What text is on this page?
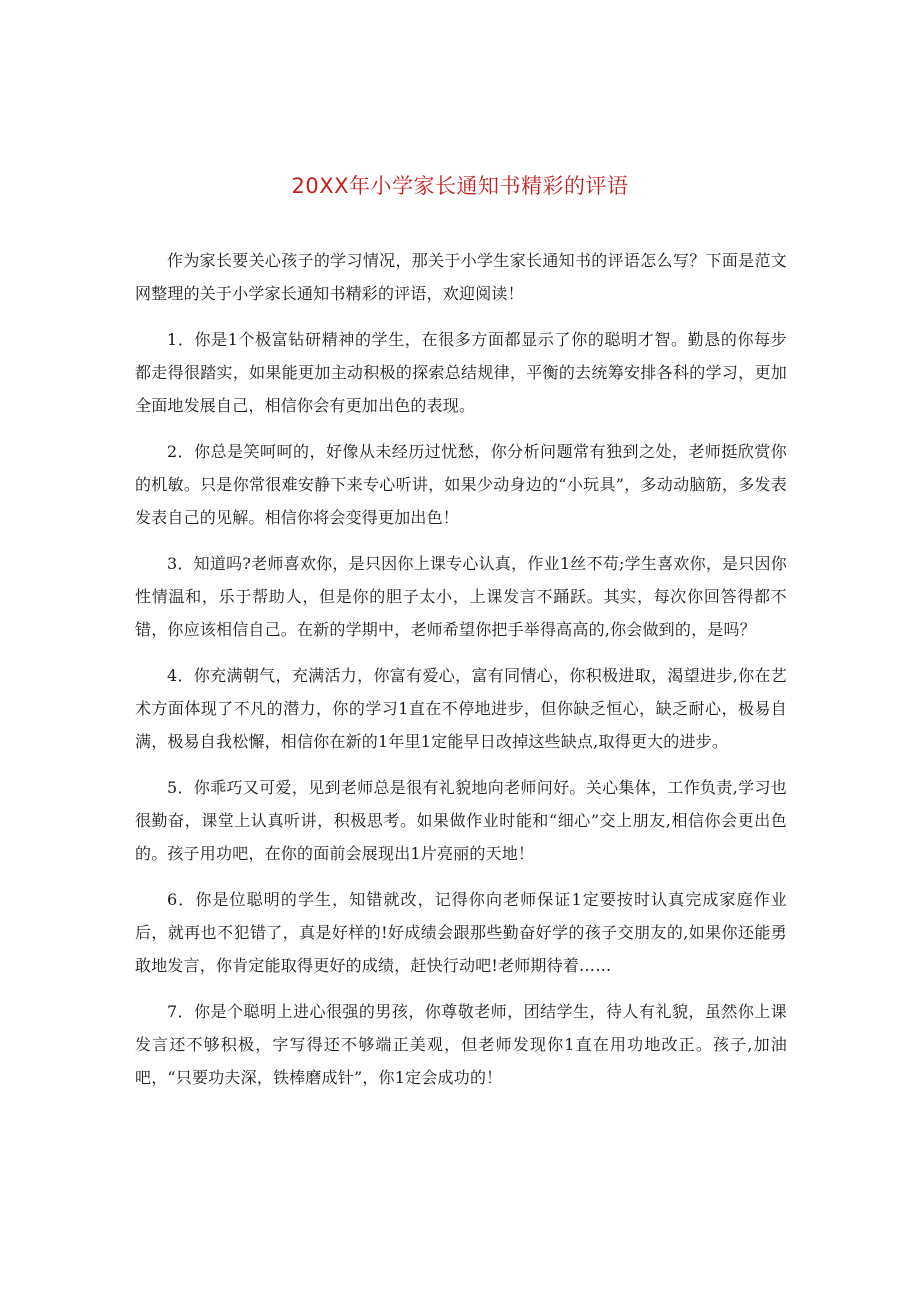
20XX年小学家长通知书精彩的评语

作为家长要关心孩子的学习情况，那关于小学生家长通知书的评语怎么写？下面是范文网整理的关于小学家长通知书精彩的评语，欢迎阅读！

1．你是1个极富钻研精神的学生，在很多方面都显示了你的聪明才智。勤恳的你每步都走得很踏实，如果能更加主动积极的探索总结规律，平衡的去统筹安排各科的学习，更加全面地发展自己，相信你会有更加出色的表现。

2．你总是笑呵呵的，好像从未经历过忧愁，你分析问题常有独到之处，老师挺欣赏你的机敏。只是你常很难安静下来专心听讲，如果少动身边的“小玩具”，多动动脑筋，多发表发表自己的见解。相信你将会变得更加出色！

3．知道吗?老师喜欢你，是只因你上课专心认真，作业1丝不苟;学生喜欢你，是只因你性情温和，乐于帮助人，但是你的胆子太小，上课发言不踊跃。其实，每次你回答得都不错，你应该相信自己。在新的学期中，老师希望你把手举得高高的,你会做到的，是吗？

4．你充满朝气，充满活力，你富有爱心，富有同情心，你积极进取，渴望进步,你在艺术方面体现了不凡的潜力，你的学习1直在不停地进步，但你缺乏恒心，缺乏耐心，极易自满，极易自我松懈，相信你在新的1年里1定能早日改掉这些缺点,取得更大的进步。

5．你乖巧又可爱，见到老师总是很有礼貌地向老师问好。关心集体，工作负责,学习也很勤奋，课堂上认真听讲，积极思考。如果做作业时能和“细心”交上朋友,相信你会更出色的。孩子用功吧，在你的面前会展现出1片亮丽的天地！

6．你是位聪明的学生，知错就改，记得你向老师保证1定要按时认真完成家庭作业后，就再也不犯错了，真是好样的!好成绩会跟那些勤奋好学的孩子交朋友的,如果你还能勇敢地发言，你肯定能取得更好的成绩，赶快行动吧!老师期待着……

7．你是个聪明上进心很强的男孩，你尊敬老师，团结学生，待人有礼貌，虽然你上课发言还不够积极，字写得还不够端正美观，但老师发现你1直在用功地改正。孩子,加油吧，“只要功夫深，铁棒磨成针”，你1定会成功的！
